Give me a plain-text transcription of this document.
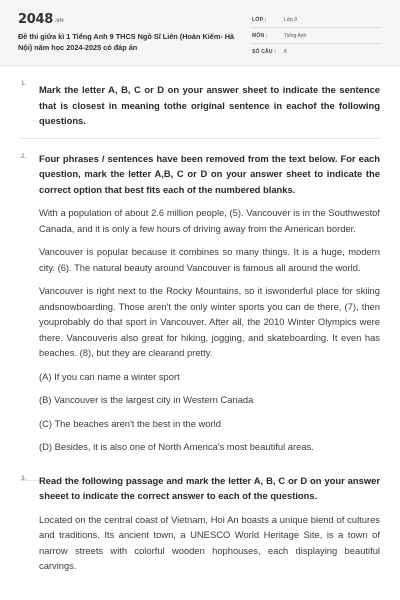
2048.vn
Đề thi giữa kì 1 Tiếng Anh 9 THCS Ngô Sĩ Liên (Hoàn Kiếm- Hà Nội) năm học 2024-2025 có đáp án
LỚP :	Lớp 9
MÔN :	Tiếng Anh
SỐ CÂU :	8
1.
Mark the letter A, B, C or D on your answer sheet to indicate the sentence that is closest in meaning tothe original sentence in eachof the following questions.
2. Four phrases / sentences have been removed from the text below. For each question, mark the letter A,B, C or D on your answer sheet to indicate the correct option that best fits each of the numbered blanks.
With a population of about 2.6 million people, (5). Vancouver is in the Southwestof Canada, and it is only a few hours of driving away from the American border.
Vancouver is popular because it combines so many things. It is a huge, modern city. (6). The natural beauty around Vancouver is famous all around the world.
Vancouver is right next to the Rocky Mountains, so it iswonderful place for skiing andsnowboarding. Those aren't the only winter sports you can de there, (7), then youprobably do that sport in Vancouver. After all, the 2010 Winter Olympics were there. Vancouveris also great for hiking, jogging, and skateboarding. It even has beaches. (8), but they are clearand pretty.
(A) If you can name a winter sport
(B) Vancouver is the largest city in Western Canada
(C) The beaches aren't the best in the world
(D) Besides, it is also one of North America's most beautiful areas.
3. Read the following passage and mark the letter A, B, C or D on your answer sheeet to indicate the correct answer to each of the questions.
Located on the central coast of Vietnam, Hoi An boasts a unique blend of cultures and traditions. Its ancient town, a UNESCO World Heritage Site, is a town of narrow streets with colorful wooden hophouses, each displaying beautiful carvings.
